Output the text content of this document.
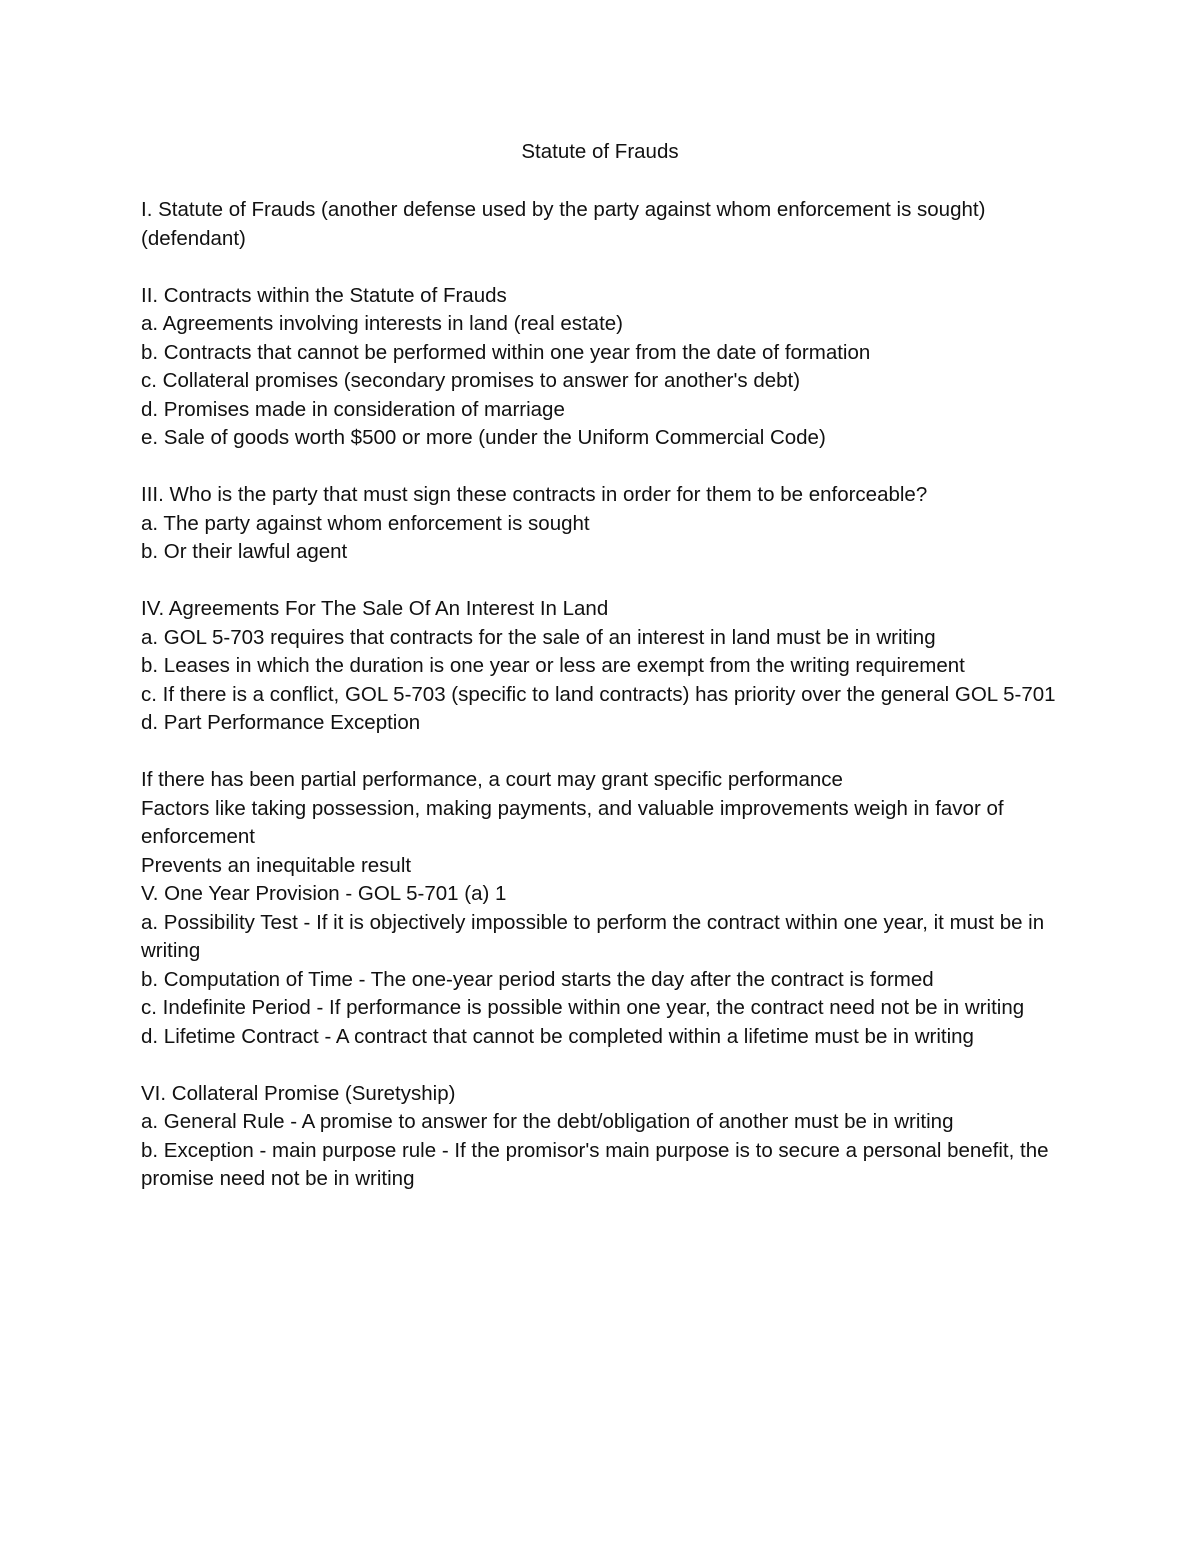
Statute of Frauds

I. Statute of Frauds (another defense used by the party against whom enforcement is sought) (defendant)

II. Contracts within the Statute of Frauds

a. Agreements involving interests in land (real estate)

b. Contracts that cannot be performed within one year from the date of formation

c. Collateral promises (secondary promises to answer for another's debt)

d. Promises made in consideration of marriage

e. Sale of goods worth $500 or more (under the Uniform Commercial Code)

III. Who is the party that must sign these contracts in order for them to be enforceable?

a. The party against whom enforcement is sought

b. Or their lawful agent

IV. Agreements For The Sale Of An Interest In Land

a. GOL 5-703 requires that contracts for the sale of an interest in land must be in writing

b. Leases in which the duration is one year or less are exempt from the writing requirement

c. If there is a conflict, GOL 5-703 (specific to land contracts) has priority over the general GOL 5-701

d. Part Performance Exception

If there has been partial performance, a court may grant specific performance

Factors like taking possession, making payments, and valuable improvements weigh in favor of enforcement

Prevents an inequitable result

V. One Year Provision - GOL 5-701 (a) 1

a. Possibility Test - If it is objectively impossible to perform the contract within one year, it must be in writing

b. Computation of Time - The one-year period starts the day after the contract is formed

c. Indefinite Period - If performance is possible within one year, the contract need not be in writing

d. Lifetime Contract - A contract that cannot be completed within a lifetime must be in writing

VI. Collateral Promise (Suretyship)

a. General Rule - A promise to answer for the debt/obligation of another must be in writing

b. Exception - main purpose rule - If the promisor's main purpose is to secure a personal benefit, the promise need not be in writing
